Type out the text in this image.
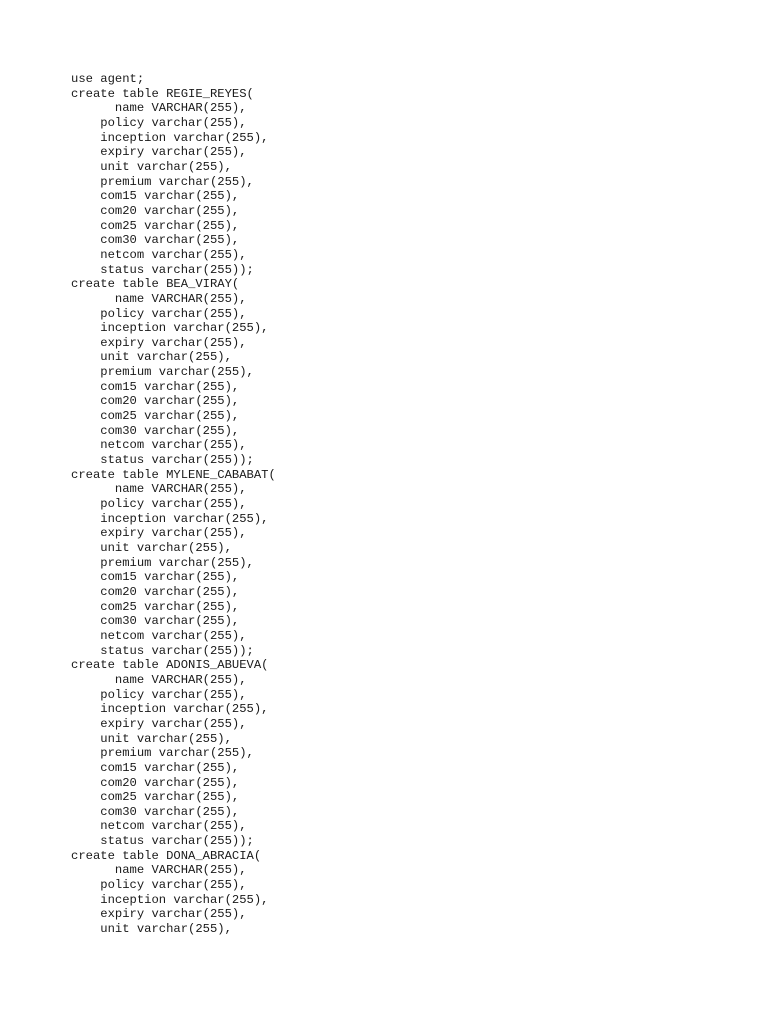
use agent;
create table REGIE_REYES(
name VARCHAR(255),
policy varchar(255),
inception varchar(255),
expiry varchar(255),
unit varchar(255),
premium varchar(255),
com15 varchar(255),
com20 varchar(255),
com25 varchar(255),
com30 varchar(255),
netcom varchar(255),
status varchar(255));
create table BEA_VIRAY(
name VARCHAR(255),
policy varchar(255),
inception varchar(255),
expiry varchar(255),
unit varchar(255),
premium varchar(255),
com15 varchar(255),
com20 varchar(255),
com25 varchar(255),
com30 varchar(255),
netcom varchar(255),
status varchar(255));
create table MYLENE_CABABAT(
name VARCHAR(255),
policy varchar(255),
inception varchar(255),
expiry varchar(255),
unit varchar(255),
premium varchar(255),
com15 varchar(255),
com20 varchar(255),
com25 varchar(255),
com30 varchar(255),
netcom varchar(255),
status varchar(255));
create table ADONIS_ABUEVA(
name VARCHAR(255),
policy varchar(255),
inception varchar(255),
expiry varchar(255),
unit varchar(255),
premium varchar(255),
com15 varchar(255),
com20 varchar(255),
com25 varchar(255),
com30 varchar(255),
netcom varchar(255),
status varchar(255));
create table DONA_ABRACIA(
name VARCHAR(255),
policy varchar(255),
inception varchar(255),
expiry varchar(255),
unit varchar(255),
